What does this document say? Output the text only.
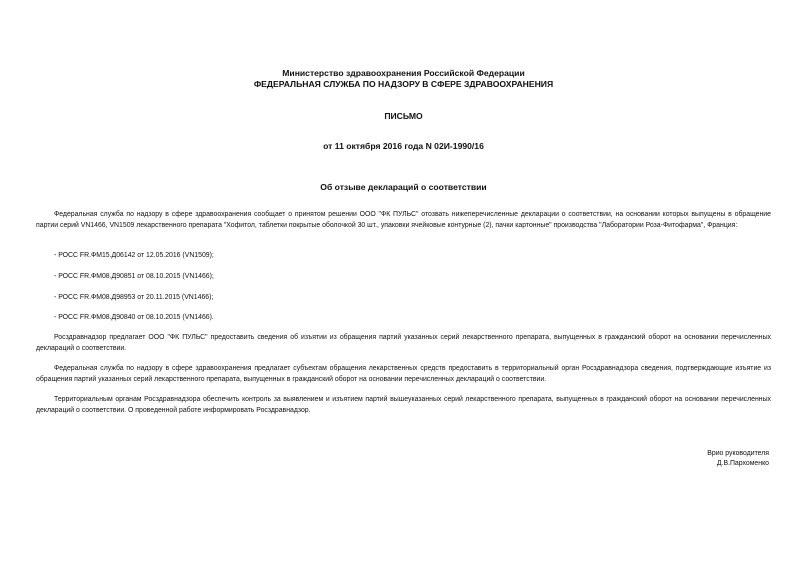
Министерство здравоохранения Российской Федерации
ФЕДЕРАЛЬНАЯ СЛУЖБА ПО НАДЗОРУ В СФЕРЕ ЗДРАВООХРАНЕНИЯ
ПИСЬМО
от 11 октября 2016 года N 02И-1990/16
Об отзыве деклараций о соответствии
Федеральная служба по надзору в сфере здравоохранения сообщает о принятом решении ООО "ФК ПУЛЬС" отозвать нижеперечисленные декларации о соответствии, на основании которых выпущены в обращение партии серий VN1466, VN1509 лекарственного препарата "Хофитол, таблетки покрытые оболочкой 30 шт., упаковки ячейковые контурные (2), пачки картонные" производства "Лаборатории Роза-Фитофарма", Франция:
- РОСС FR.ФМ15.Д06142 от 12.05.2016 (VN1509);
- РОСС FR.ФМ08.Д90851 от 08.10.2015 (VN1466);
- РОСС FR.ФМ08.Д98953 от 20.11.2015 (VN1466);
- РОСС FR.ФМ08.Д90840 от 08.10.2015 (VN1466).
Росздравнадзор предлагает ООО "ФК ПУЛЬС" предоставить сведения об изъятии из обращения партий указанных серий лекарственного препарата, выпущенных в гражданский оборот на основании перечисленных деклараций о соответствии.
Федеральная служба по надзору в сфере здравоохранения предлагает субъектам обращения лекарственных средств предоставить в территориальный орган Росздравнадзора сведения, подтверждающие изъятие из обращения партий указанных серий лекарственного препарата, выпущенных в гражданский оборот на основании перечисленных деклараций о соответствии.
Территориальным органам Росздравнадзора обеспечить контроль за выявлением и изъятием партий вышеуказанных серий лекарственного препарата, выпущенных в гражданский оборот на основании перечисленных деклараций о соответствии. О проведенной работе информировать Росздравнадзор.
Врио руководителя
Д.В.Пархоменко
